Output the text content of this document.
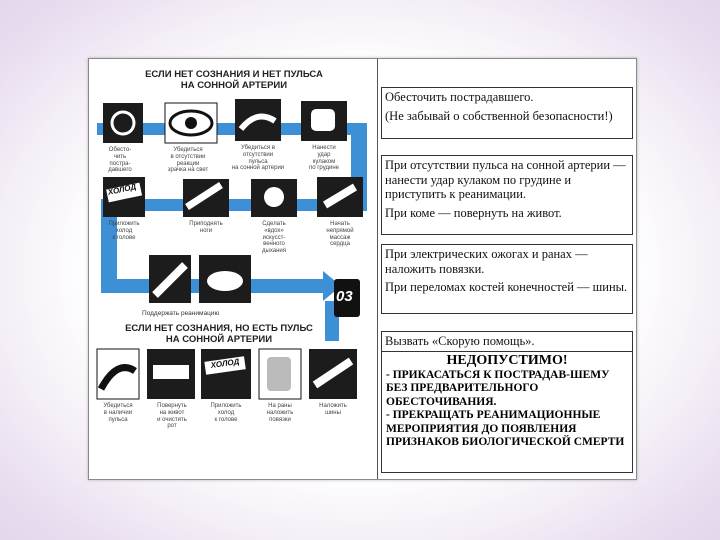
ЕСЛИ НЕТ СОЗНАНИЯ И НЕТ ПУЛЬСА
НА СОННОЙ АРТЕРИИ
Обесто-
чить
постра-
давшего
Убедиться
в отсутствии
реакции
зрачка на свет
Убедиться в
отсутствии
пульса
на сонной артерии
Нанести
удар
кулаком
по грудине
Приложить
холод
к голове
Приподнять
ноги
Сделать
«вдох»
искусст-
венного
дыхания
Начать
непрямой
массаж
сердца
ХОЛОД
ХОЛОД
Поддержать реанимацию
03
ЕСЛИ НЕТ СОЗНАНИЯ, НО ЕСТЬ ПУЛЬС
НА СОННОЙ АРТЕРИИ
Убедиться
в наличии
пульса
Повернуть
на живот
и очистить
рот
Приложить
холод
к голове
На раны
наложить
повязки
Наложить
шины

Обесточить пострадавшего.

(Не забывай о собственной безопасности!)

При отсутствии пульса на сонной артерии — нанести удар кулаком по грудине и приступить к реанимации.

При коме — повернуть на живот.

При электрических ожогах и ранах — наложить повязки.

При переломах костей конечностей — шины.

Вызвать «Скорую помощь».

НЕДОПУСТИМО!
- ПРИКАСАТЬСЯ К ПОСТРАДАВ-ШЕМУ БЕЗ ПРЕДВАРИТЕЛЬНОГО ОБЕСТОЧИВАНИЯ.
- ПРЕКРАЩАТЬ РЕАНИМАЦИОННЫЕ МЕРОПРИЯТИЯ ДО ПОЯВЛЕНИЯ ПРИЗНАКОВ БИОЛОГИЧЕСКОЙ СМЕРТИ
